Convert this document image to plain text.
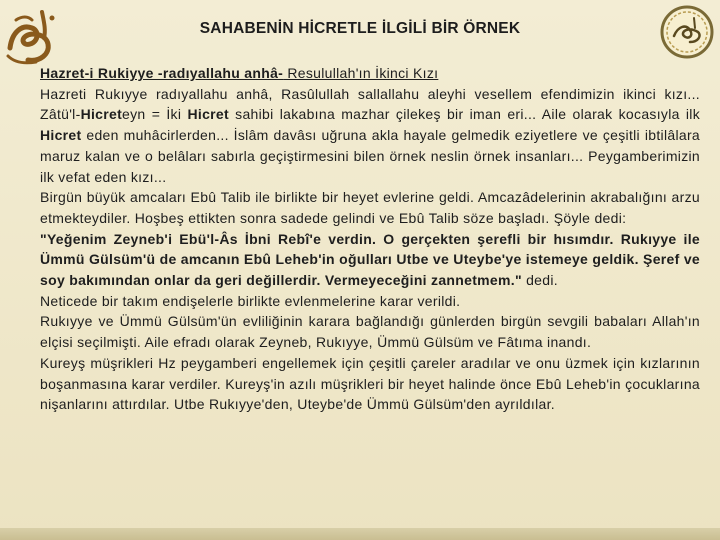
SAHABENİN HİCRETLE İLGİLİ BİR ÖRNEK

Hazret-i Rukiyye -radıyallahu anhâ- Resulullah'ın İkinci Kızı

Hazreti Rukıyye radıyallahu anhâ, Rasûlullah sallallahu aleyhi vesellem efendimizin ikinci kızı... Zâtü'l-Hicreteyn = İki Hicret sahibi lakabına mazhar çilekeş bir iman eri... Aile olarak kocasıyla ilk Hicret eden muhâcirlerden... İslâm davâsı uğruna akla hayale gelmedik eziyetlere ve çeşitli ibtilâlara maruz kalan ve o belâları sabırla geçiştirmesini bilen örnek neslin örnek insanları... Peygamberimizin ilk vefat eden kızı...

Birgün büyük amcaları Ebû Talib ile birlikte bir heyet evlerine geldi. Amcazâdelerinin akrabalığını arzu etmekteydiler. Hoşbeş ettikten sonra sadede gelindi ve Ebû Talib söze başladı. Şöyle dedi:

"Yeğenim Zeyneb'i Ebü'l-Âs İbni Rebî'e verdin. O gerçekten şerefli bir hısımdır. Rukıyye ile Ümmü Gülsüm'ü de amcanın Ebû Leheb'in oğulları Utbe ve Uteybe'ye istemeye geldik. Şeref ve soy bakımından onlar da geri değillerdir. Vermeyeceğini zannetmem." dedi.

Neticede bir takım endişelerle birlikte evlenmelerine karar verildi.

Rukıyye ve Ümmü Gülsüm'ün evliliğinin karara bağlandığı günlerden birgün sevgili babaları Allah'ın elçisi seçilmişti. Aile efradı olarak Zeyneb, Rukıyye, Ümmü Gülsüm ve Fâtıma inandı.

Kureyş müşrikleri Hz peygamberi engellemek için çeşitli çareler aradılar ve onu üzmek için kızlarının boşanmasına karar verdiler. Kureyş'in azılı müşrikleri bir heyet halinde önce Ebû Leheb'in çocuklarına nişanlarını attırdılar. Utbe Rukıyye'den, Uteybe'de Ümmü Gülsüm'den ayrıldılar.
